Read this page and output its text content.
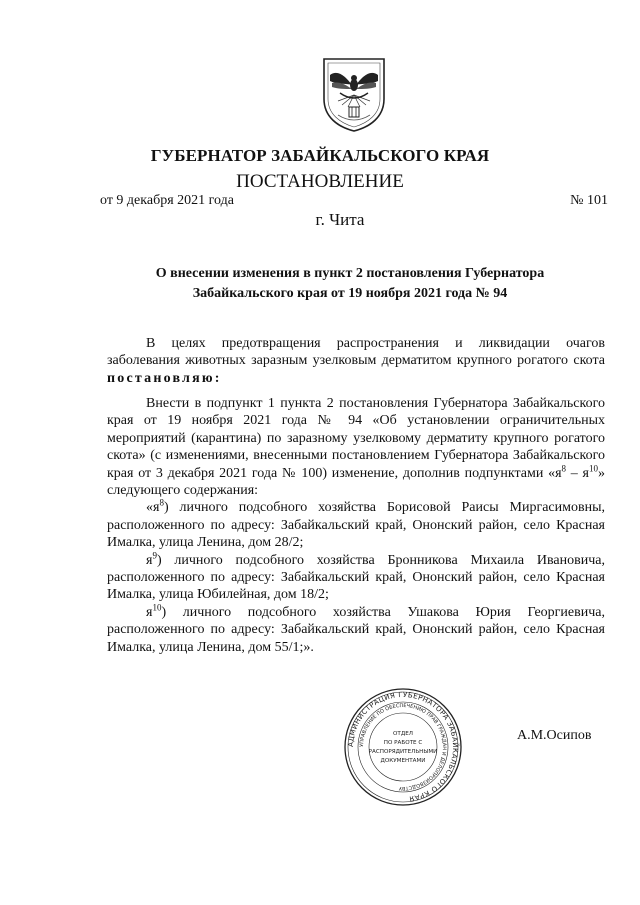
ГУБЕРНАТОР ЗАБАЙКАЛЬСКОГО КРАЯ
ПОСТАНОВЛЕНИЕ
от 9 декабря 2021 года	№ 101
г. Чита
О внесении изменения в пункт 2 постановления Губернатора
Забайкальского края от 19 ноября 2021 года № 94

В целях предотвращения распространения и ликвидации очагов заболевания животных заразным узелковым дерматитом крупного рогатого скота постановляю:

Внести в подпункт 1 пункта 2 постановления Губернатора Забайкальского края от 19 ноября 2021 года № 94 «Об установлении ограничительных мероприятий (карантина) по заразному узелковому дерматиту крупного рогатого скота» (с изменениями, внесенными постановлением Губернатора Забайкальского края от 3 декабря 2021 года № 100) изменение, дополнив подпунктами «$я^8 - я^{10}$» следующего содержания:

«$я^8$) личного подсобного хозяйства Борисовой Раисы Миргасимовны, расположенного по адресу: Забайкальский край, Ононский район, село Красная Ималка, улица Ленина, дом 28/2;

$я^9$) личного подсобного хозяйства Бронникова Михаила Ивановича, расположенного по адресу: Забайкальский край, Ононский район, село Красная Ималка, улица Юбилейная, дом 18/2;

$я^{10}$) личного подсобного хозяйства Ушакова Юрия Георгиевича, расположенного по адресу: Забайкальский край, Ононский район, село Красная Ималка, улица Ленина, дом 55/1;».

АДМИНИСТРАЦИЯ ГУБЕРНАТОРА ЗАБАЙКАЛЬСКОГО КРАЯ
УПРАВЛЕНИЕ ПО ОБЕСПЕЧЕНИЮ ПРАВ ГРАЖДАН И ДЕЛОПРОИЗВОДСТВУ
ОТДЕЛ
ПО РАБОТЕ С
РАСПОРЯДИТЕЛЬНЫМИ
ДОКУМЕНТАМИ
А.М.Осипов
